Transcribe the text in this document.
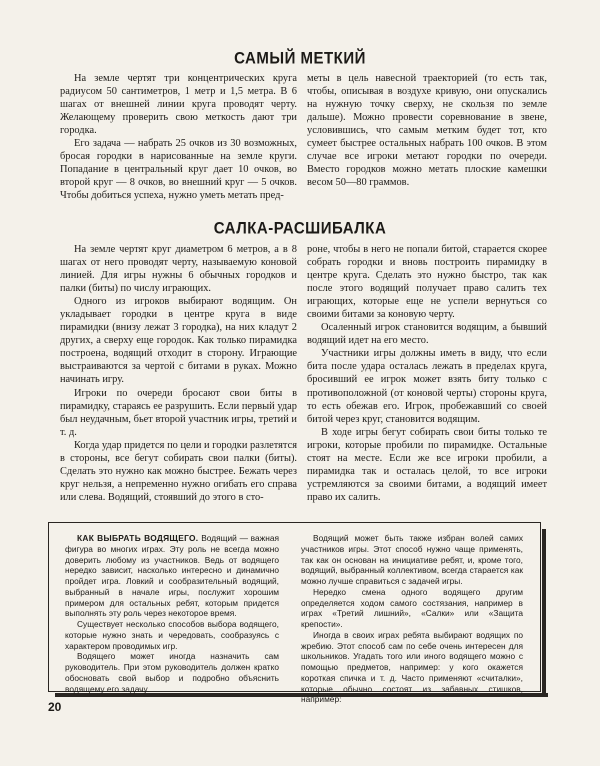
САМЫЙ МЕТКИЙ

На земле чертят три концентрических круга радиусом 50 сантиметров, 1 метр и 1,5 метра. В 6 шагах от внешней линии круга проводят черту. Желающему проверить свою меткость дают три городка.

Его задача — набрать 25 очков из 30 возможных, бросая городки в нарисованные на земле круги. Попадание в центральный круг дает 10 очков, во второй круг — 8 очков, во внешний круг — 5 очков. Чтобы добиться успеха, нужно уметь метать пред-

меты в цель навесной траекторией (то есть так, чтобы, описывая в воздухе кривую, они опускались на нужную точку сверху, не скользя по земле дальше). Можно провести соревнование в звене, условившись, что самым метким будет тот, кто сумеет быстрее остальных набрать 100 очков. В этом случае все игроки метают городки по очереди. Вместо городков можно метать плоские камешки весом 50—80 граммов.

САЛКА-РАСШИБАЛКА

На земле чертят круг диаметром 6 метров, а в 8 шагах от него проводят черту, называемую коновой линией. Для игры нужны 6 обычных городков и палки (биты) по числу играющих.

Одного из игроков выбирают водящим. Он укладывает городки в центре круга в виде пирамидки (внизу лежат 3 городка), на них кладут 2 других, а сверху еще городок. Как только пирамидка построена, водящий отходит в сторону. Играющие выстраиваются за чертой с битами в руках. Можно начинать игру.

Игроки по очереди бросают свои биты в пирамидку, стараясь ее разрушить. Если первый удар был неудачным, бьет второй участник игры, третий и т. д.

Когда удар придется по цели и городки разлетятся в стороны, все бегут собирать свои палки (биты). Сделать это нужно как можно быстрее. Бежать через круг нельзя, а непременно нужно огибать его справа или слева. Водящий, стоявший до этого в сто-

роне, чтобы в него не попали битой, старается скорее собрать городки и вновь построить пирамидку в центре круга. Сделать это нужно быстро, так как после этого водящий получает право салить тех играющих, которые еще не успели вернуться со своими битами за коновую черту.

Осаленный игрок становится водящим, а бывший водящий идет на его место.

Участники игры должны иметь в виду, что если бита после удара осталась лежать в пределах круга, бросивший ее игрок может взять биту только с противоположной (от коновой черты) стороны круга, то есть обежав его. Игрок, пробежавший со своей битой через круг, становится водящим.

В ходе игры бегут собирать свои биты только те игроки, которые пробили по пирамидке. Остальные стоят на месте. Если же все игроки пробили, а пирамидка так и осталась целой, то все игроки устремляются за своими битами, а водящий имеет право их салить.

КАК ВЫБРАТЬ ВОДЯЩЕГО. Водящий — важная фигура во многих играх. Эту роль не всегда можно доверить любому из участников. Ведь от водящего нередко зависит, насколько интересно и динамично пройдет игра. Ловкий и сообразительный водящий, выбранный в начале игры, послужит хорошим примером для остальных ребят, которым придется выполнять эту роль через некоторое время.

Существует несколько способов выбора водящего, которые нужно знать и чередовать, сообразуясь с характером проводимых игр.

Водящего может иногда назначить сам руководитель. При этом руководитель должен кратко обосновать свой выбор и подробно объяснить водящему его задачу.

Водящий может быть также избран волей самих участников игры. Этот способ нужно чаще применять, так как он основан на инициативе ребят, и, кроме того, водящий, выбранный коллективом, всегда старается как можно лучше справиться с задачей игры.

Нередко смена одного водящего другим определяется ходом самого состязания, например в играх «Третий лишний», «Салки» или «Защита крепости».

Иногда в своих играх ребята выбирают водящих по жребию. Этот способ сам по себе очень интересен для школьников. Угадать того или иного водящего можно с помощью предметов, например: у кого окажется короткая спичка и т. д. Часто применяют «считалки», которые обычно состоят из забавных стишков, например:

20
